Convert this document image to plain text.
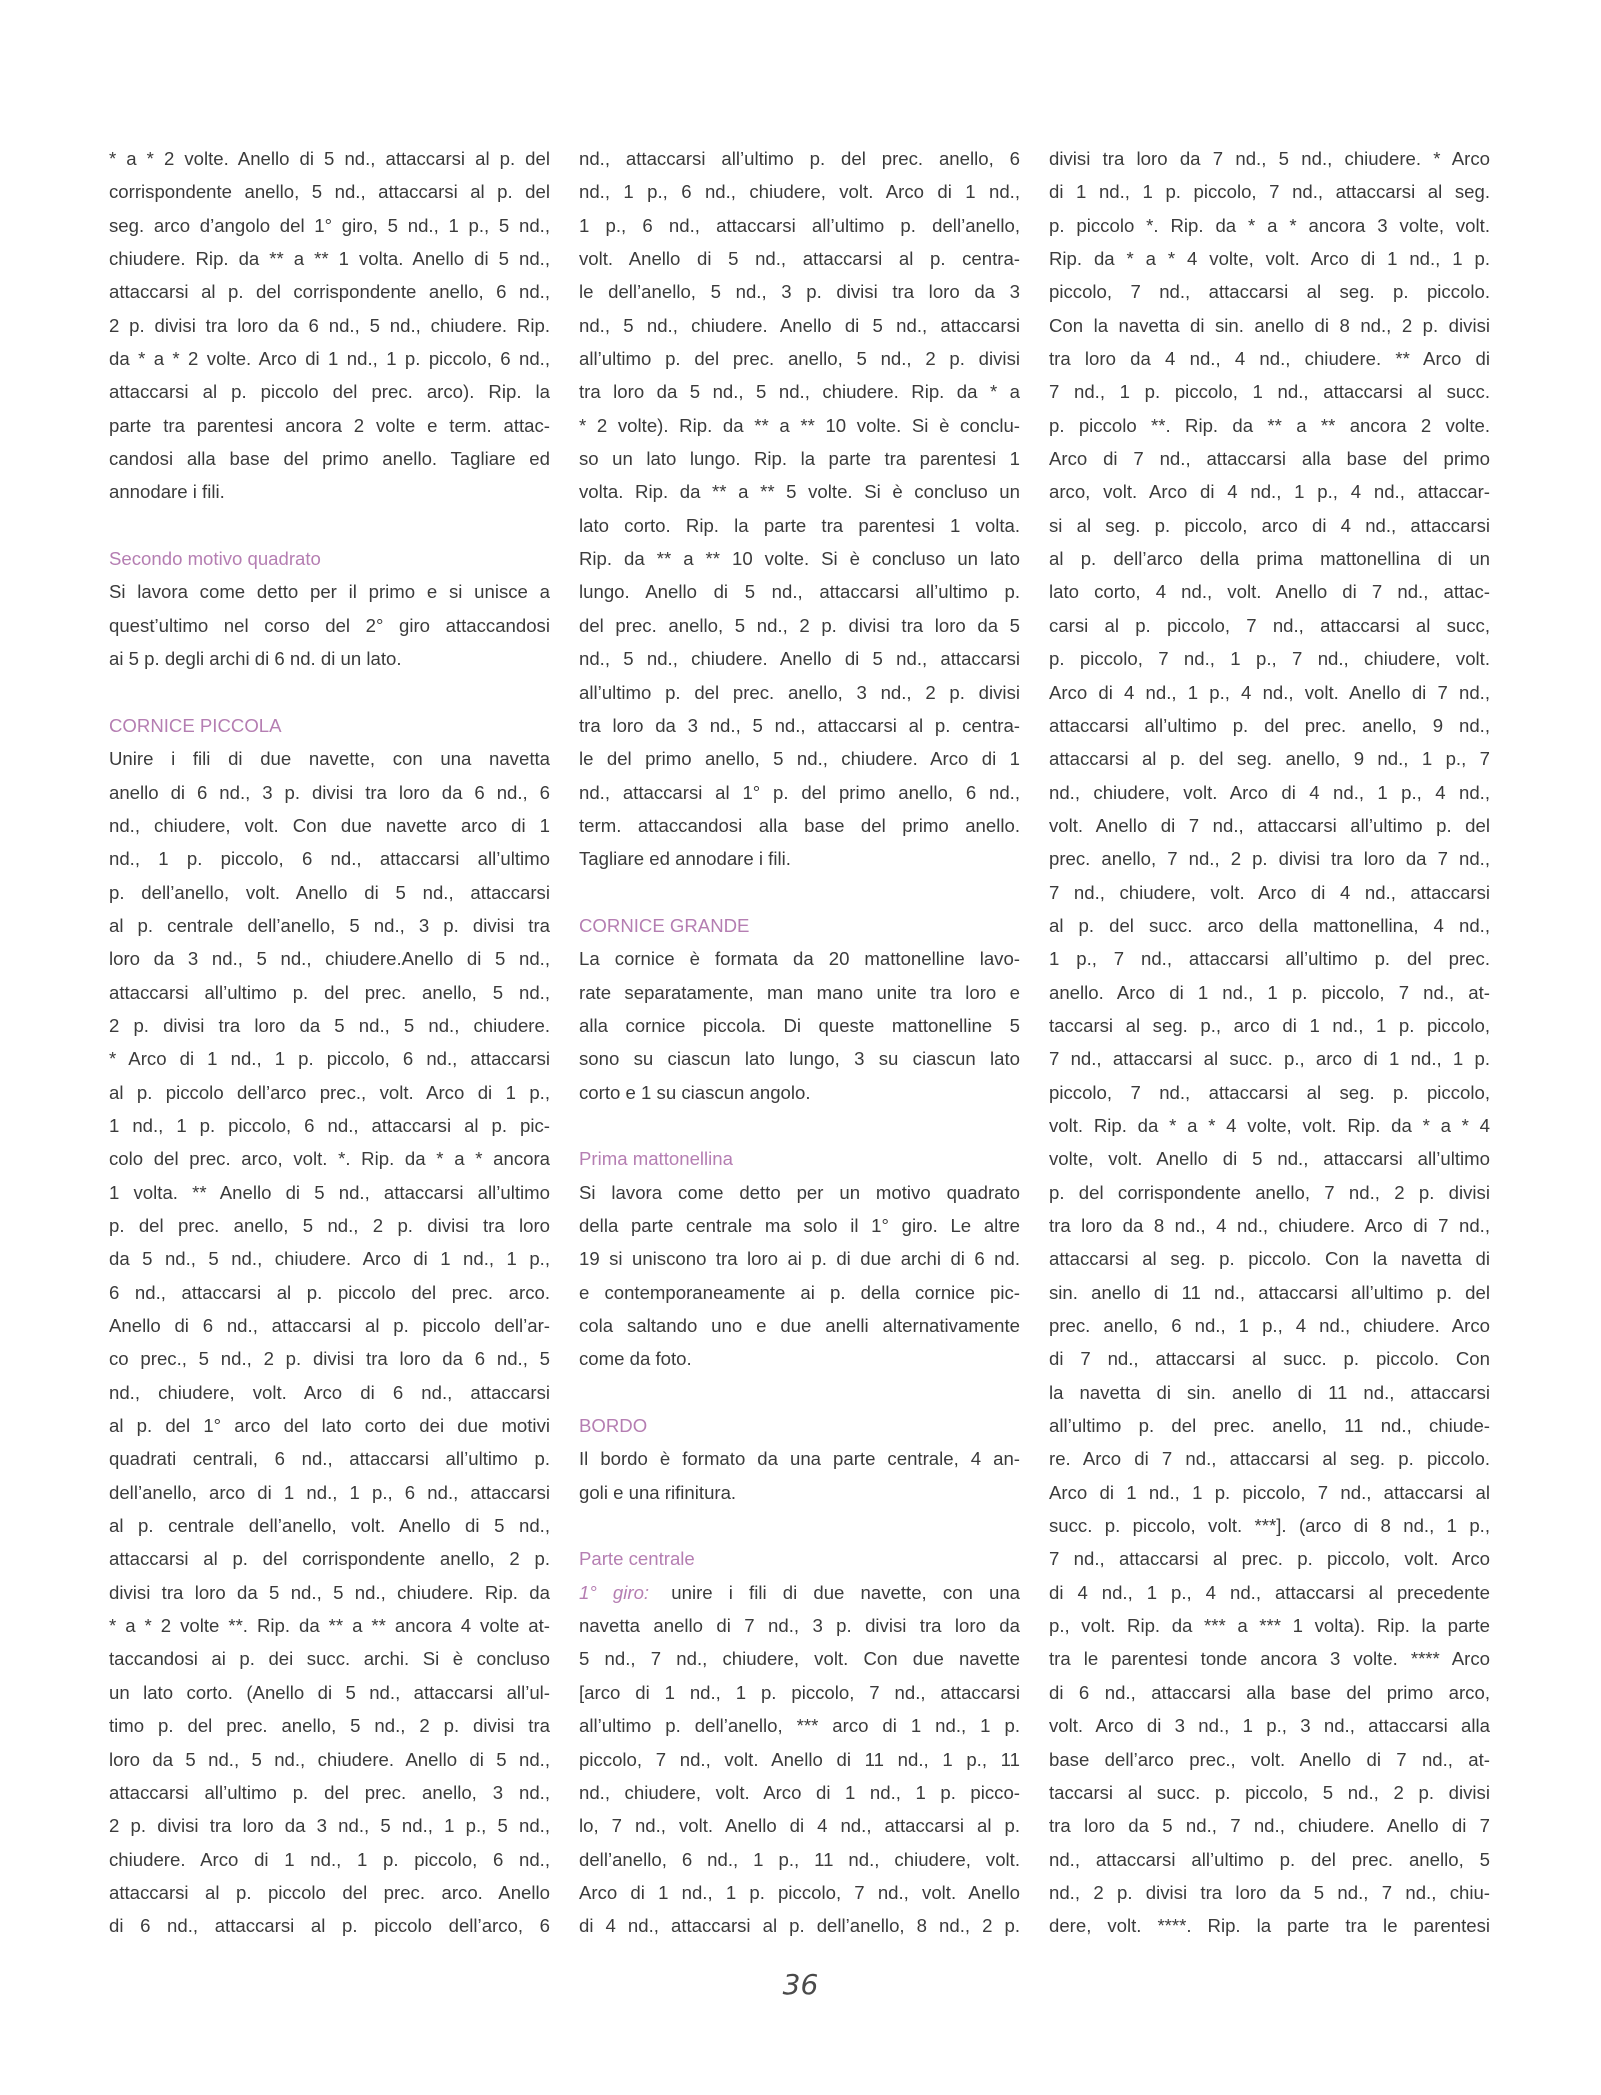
* a * 2 volte. Anello di 5 nd., attaccarsi al p. del
corrispondente anello, 5 nd., attaccarsi al p. del
seg. arco d’angolo del 1° giro, 5 nd., 1 p., 5 nd.,
chiudere. Rip. da ** a ** 1 volta. Anello di 5 nd.,
attaccarsi al p. del corrispondente anello, 6 nd.,
2 p. divisi tra loro da 6 nd., 5 nd., chiudere. Rip.
da * a * 2 volte. Arco di 1 nd., 1 p. piccolo, 6 nd.,
attaccarsi al p. piccolo del prec. arco). Rip. la
parte tra parentesi ancora 2 volte e term. attac-
candosi alla base del primo anello. Tagliare ed
annodare i fili.
Secondo motivo quadrato
Si lavora come detto per il primo e si unisce a
quest’ultimo nel corso del 2° giro attaccandosi
ai 5 p. degli archi di 6 nd. di un lato.
CORNICE PICCOLA
Unire i fili di due navette, con una navetta
anello di 6 nd., 3 p. divisi tra loro da 6 nd., 6
nd., chiudere, volt. Con due navette arco di 1
nd., 1 p. piccolo, 6 nd., attaccarsi all’ultimo
p. dell’anello, volt. Anello di 5 nd., attaccarsi
al p. centrale dell’anello, 5 nd., 3 p. divisi tra
loro da 3 nd., 5 nd., chiudere.Anello di 5 nd.,
attaccarsi all’ultimo p. del prec. anello, 5 nd.,
2 p. divisi tra loro da 5 nd., 5 nd., chiudere.
* Arco di 1 nd., 1 p. piccolo, 6 nd., attaccarsi
al p. piccolo dell’arco prec., volt. Arco di 1 p.,
1 nd., 1 p. piccolo, 6 nd., attaccarsi al p. pic-
colo del prec. arco, volt. *. Rip. da * a * ancora
1 volta. ** Anello di 5 nd., attaccarsi all’ultimo
p. del prec. anello, 5 nd., 2 p. divisi tra loro
da 5 nd., 5 nd., chiudere. Arco di 1 nd., 1 p.,
6 nd., attaccarsi al p. piccolo del prec. arco.
Anello di 6 nd., attaccarsi al p. piccolo dell’ar-
co prec., 5 nd., 2 p. divisi tra loro da 6 nd., 5
nd., chiudere, volt. Arco di 6 nd., attaccarsi
al p. del 1° arco del lato corto dei due motivi
quadrati centrali, 6 nd., attaccarsi all’ultimo p.
dell’anello, arco di 1 nd., 1 p., 6 nd., attaccarsi
al p. centrale dell’anello, volt. Anello di 5 nd.,
attaccarsi al p. del corrispondente anello, 2 p.
divisi tra loro da 5 nd., 5 nd., chiudere. Rip. da
* a * 2 volte **. Rip. da ** a ** ancora 4 volte at-
taccandosi ai p. dei succ. archi. Si è concluso
un lato corto. (Anello di 5 nd., attaccarsi all’ul-
timo p. del prec. anello, 5 nd., 2 p. divisi tra
loro da 5 nd., 5 nd., chiudere. Anello di 5 nd.,
attaccarsi all’ultimo p. del prec. anello, 3 nd.,
2 p. divisi tra loro da 3 nd., 5 nd., 1 p., 5 nd.,
chiudere. Arco di 1 nd., 1 p. piccolo, 6 nd.,
attaccarsi al p. piccolo del prec. arco. Anello
di 6 nd., attaccarsi al p. piccolo dell’arco, 6
nd., attaccarsi all’ultimo p. del prec. anello, 6
nd., 1 p., 6 nd., chiudere, volt. Arco di 1 nd.,
1 p., 6 nd., attaccarsi all’ultimo p. dell’anello,
volt. Anello di 5 nd., attaccarsi al p. centra-
le dell’anello, 5 nd., 3 p. divisi tra loro da 3
nd., 5 nd., chiudere. Anello di 5 nd., attaccarsi
all’ultimo p. del prec. anello, 5 nd., 2 p. divisi
tra loro da 5 nd., 5 nd., chiudere. Rip. da * a
* 2 volte). Rip. da ** a ** 10 volte. Si è conclu-
so un lato lungo. Rip. la parte tra parentesi 1
volta. Rip. da ** a ** 5 volte. Si è concluso un
lato corto. Rip. la parte tra parentesi 1 volta.
Rip. da ** a ** 10 volte. Si è concluso un lato
lungo. Anello di 5 nd., attaccarsi all’ultimo p.
del prec. anello, 5 nd., 2 p. divisi tra loro da 5
nd., 5 nd., chiudere. Anello di 5 nd., attaccarsi
all’ultimo p. del prec. anello, 3 nd., 2 p. divisi
tra loro da 3 nd., 5 nd., attaccarsi al p. centra-
le del primo anello, 5 nd., chiudere. Arco di 1
nd., attaccarsi al 1° p. del primo anello, 6 nd.,
term. attaccandosi alla base del primo anello.
Tagliare ed annodare i fili.
CORNICE GRANDE
La cornice è formata da 20 mattonelline lavo-
rate separatamente, man mano unite tra loro e
alla cornice piccola. Di queste mattonelline 5
sono su ciascun lato lungo, 3 su ciascun lato
corto e 1 su ciascun angolo.
Prima mattonellina
Si lavora come detto per un motivo quadrato
della parte centrale ma solo il 1° giro. Le altre
19 si uniscono tra loro ai p. di due archi di 6 nd.
e contemporaneamente ai p. della cornice pic-
cola saltando uno e due anelli alternativamente
come da foto.
BORDO
Il bordo è formato da una parte centrale, 4 an-
goli e una rifinitura.
Parte centrale
1° giro: unire i fili di due navette, con una
navetta anello di 7 nd., 3 p. divisi tra loro da
5 nd., 7 nd., chiudere, volt. Con due navette
[arco di 1 nd., 1 p. piccolo, 7 nd., attaccarsi
all’ultimo p. dell’anello, *** arco di 1 nd., 1 p.
piccolo, 7 nd., volt. Anello di 11 nd., 1 p., 11
nd., chiudere, volt. Arco di 1 nd., 1 p. picco-
lo, 7 nd., volt. Anello di 4 nd., attaccarsi al p.
dell’anello, 6 nd., 1 p., 11 nd., chiudere, volt.
Arco di 1 nd., 1 p. piccolo, 7 nd., volt. Anello
di 4 nd., attaccarsi al p. dell’anello, 8 nd., 2 p.
divisi tra loro da 7 nd., 5 nd., chiudere. * Arco
di 1 nd., 1 p. piccolo, 7 nd., attaccarsi al seg.
p. piccolo *. Rip. da * a * ancora 3 volte, volt.
Rip. da * a * 4 volte, volt. Arco di 1 nd., 1 p.
piccolo, 7 nd., attaccarsi al seg. p. piccolo.
Con la navetta di sin. anello di 8 nd., 2 p. divisi
tra loro da 4 nd., 4 nd., chiudere. ** Arco di
7 nd., 1 p. piccolo, 1 nd., attaccarsi al succ.
p. piccolo **. Rip. da ** a ** ancora 2 volte.
Arco di 7 nd., attaccarsi alla base del primo
arco, volt. Arco di 4 nd., 1 p., 4 nd., attaccar-
si al seg. p. piccolo, arco di 4 nd., attaccarsi
al p. dell’arco della prima mattonellina di un
lato corto, 4 nd., volt. Anello di 7 nd., attac-
carsi al p. piccolo, 7 nd., attaccarsi al succ,
p. piccolo, 7 nd., 1 p., 7 nd., chiudere, volt.
Arco di 4 nd., 1 p., 4 nd., volt. Anello di 7 nd.,
attaccarsi all’ultimo p. del prec. anello, 9 nd.,
attaccarsi al p. del seg. anello, 9 nd., 1 p., 7
nd., chiudere, volt. Arco di 4 nd., 1 p., 4 nd.,
volt. Anello di 7 nd., attaccarsi all’ultimo p. del
prec. anello, 7 nd., 2 p. divisi tra loro da 7 nd.,
7 nd., chiudere, volt. Arco di 4 nd., attaccarsi
al p. del succ. arco della mattonellina, 4 nd.,
1 p., 7 nd., attaccarsi all’ultimo p. del prec.
anello. Arco di 1 nd., 1 p. piccolo, 7 nd., at-
taccarsi al seg. p., arco di 1 nd., 1 p. piccolo,
7 nd., attaccarsi al succ. p., arco di 1 nd., 1 p.
piccolo, 7 nd., attaccarsi al seg. p. piccolo,
volt. Rip. da * a * 4 volte, volt. Rip. da * a * 4
volte, volt. Anello di 5 nd., attaccarsi all’ultimo
p. del corrispondente anello, 7 nd., 2 p. divisi
tra loro da 8 nd., 4 nd., chiudere. Arco di 7 nd.,
attaccarsi al seg. p. piccolo. Con la navetta di
sin. anello di 11 nd., attaccarsi all’ultimo p. del
prec. anello, 6 nd., 1 p., 4 nd., chiudere. Arco
di 7 nd., attaccarsi al succ. p. piccolo. Con
la navetta di sin. anello di 11 nd., attaccarsi
all’ultimo p. del prec. anello, 11 nd., chiude-
re. Arco di 7 nd., attaccarsi al seg. p. piccolo.
Arco di 1 nd., 1 p. piccolo, 7 nd., attaccarsi al
succ. p. piccolo, volt. ***]. (arco di 8 nd., 1 p.,
7 nd., attaccarsi al prec. p. piccolo, volt. Arco
di 4 nd., 1 p., 4 nd., attaccarsi al precedente
p., volt. Rip. da *** a *** 1 volta). Rip. la parte
tra le parentesi tonde ancora 3 volte. **** Arco
di 6 nd., attaccarsi alla base del primo arco,
volt. Arco di 3 nd., 1 p., 3 nd., attaccarsi alla
base dell’arco prec., volt. Anello di 7 nd., at-
taccarsi al succ. p. piccolo, 5 nd., 2 p. divisi
tra loro da 5 nd., 7 nd., chiudere. Anello di 7
nd., attaccarsi all’ultimo p. del prec. anello, 5
nd., 2 p. divisi tra loro da 5 nd., 7 nd., chiu-
dere, volt. ****. Rip. la parte tra le parentesi
36
